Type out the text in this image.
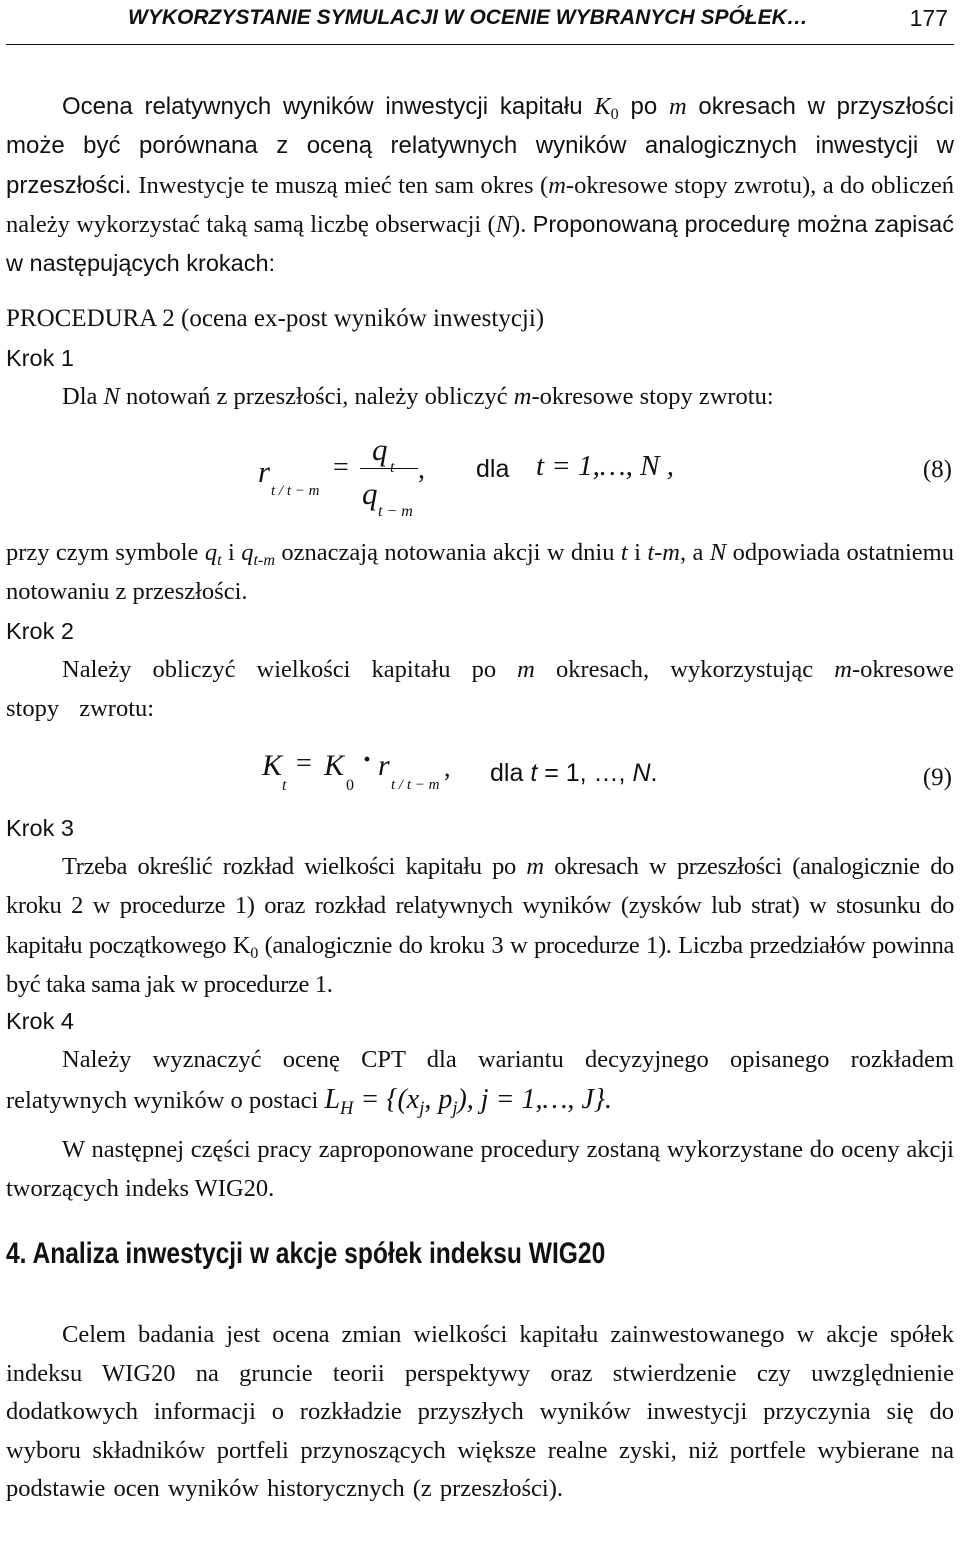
WYKORZYSTANIE SYMULACJI W OCENIE WYBRANYCH SPÓŁEK…	177

Ocena relatywnych wyników inwestycji kapitału $K_0$ po m okresach w przyszłości może być porównana z oceną relatywnych wyników analogicznych inwestycji w przeszłości. Inwestycje te muszą mieć ten sam okres (m-okresowe stopy zwrotu), a do obliczeń należy wykorzystać taką samą liczbę obserwacji (N). Proponowaną procedurę można zapisać w następujących krokach:

PROCEDURA 2 (ocena ex-post wyników inwestycji)

Krok 1

Dla N notowań z przeszłości, należy obliczyć m-okresowe stopy zwrotu:

r
t / t − m
=
q
t
q
t − m
, dla t = 1,…, N ,	(8)

przy czym symbole $q_t$ i $q_{t-m}$ oznaczają notowania akcji w dniu t i t-m, a N odpowiada ostatniemu notowaniu z przeszłości.

Krok 2

Należy obliczyć wielkości kapitału po m okresach, wykorzystując m-okresowe stopy zwrotu:

K
t
= K
0
· r
t / t − m
, dla t = 1, …, N.	(9)

Krok 3

Trzeba określić rozkład wielkości kapitału po m okresach w przeszłości (analogicznie do kroku 2 w procedurze 1) oraz rozkład relatywnych wyników (zysków lub strat) w stosunku do kapitału początkowego $K_0$ (analogicznie do kroku 3 w procedurze 1). Liczba przedziałów powinna być taka sama jak w procedurze 1.

Krok 4

Należy wyznaczyć ocenę CPT dla wariantu decyzyjnego opisanego rozkładem relatywnych wyników o postaci $L_H = \{(x_j$, $p_j$), j = 1,…, J}.

W następnej części pracy zaproponowane procedury zostaną wykorzystane do oceny akcji tworzących indeks WIG20.

4. Analiza inwestycji w akcje spółek indeksu WIG20

Celem badania jest ocena zmian wielkości kapitału zainwestowanego w akcje spółek indeksu WIG20 na gruncie teorii perspektywy oraz stwierdzenie czy uwzględnienie dodatkowych informacji o rozkładzie przyszłych wyników inwestycji przyczynia się do wyboru składników portfeli przynoszących większe realne zyski, niż portfele wybierane na podstawie ocen wyników historycznych (z przeszłości).
